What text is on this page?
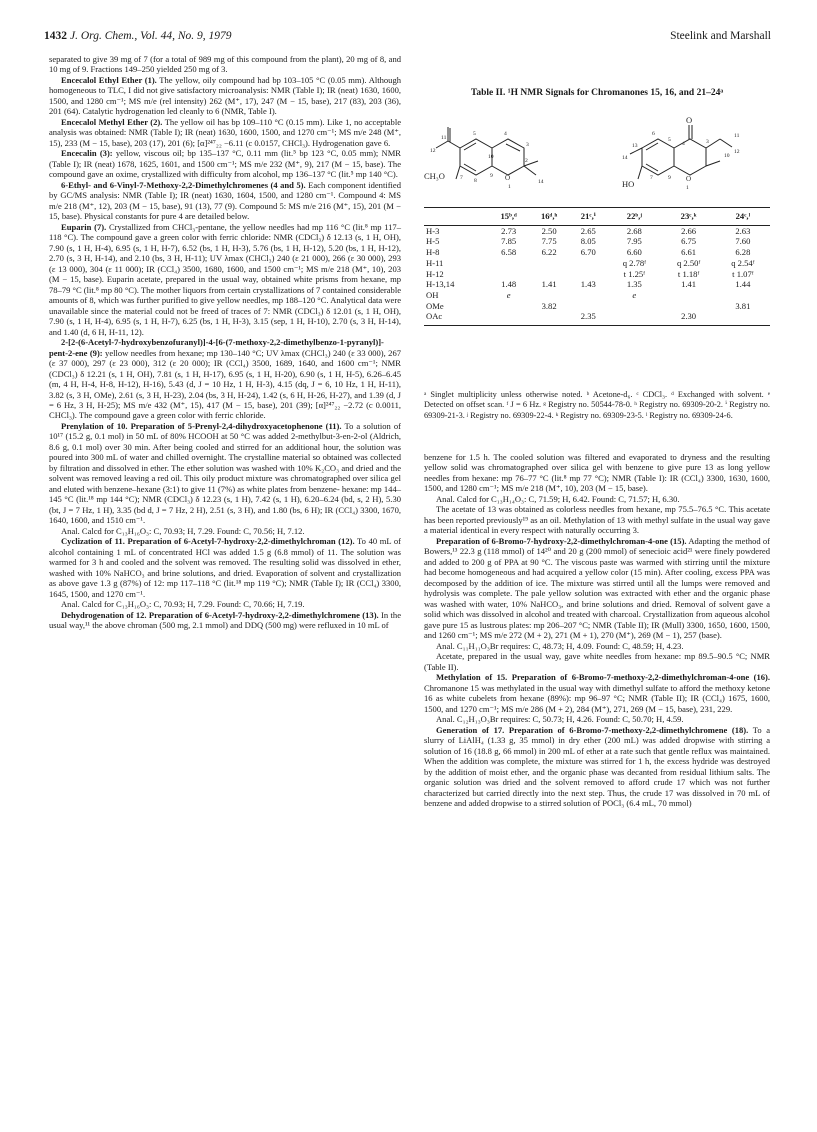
1432 J. Org. Chem., Vol. 44, No. 9, 1979	Steelink and Marshall

separated to give 39 mg of 7 (for a total of 989 mg of this compound from the plant), 20 mg of 8, and 10 mg of 9. Fractions 149–250 yielded 250 mg of 3.

Encecalol Ethyl Ether (1). The yellow, oily compound had bp 103–105 °C (0.05 mm). Although homogeneous to TLC, I did not give satisfactory microanalysis: NMR (Table I); IR (neat) 1630, 1600, 1500, and 1280 cm⁻¹; MS m/e (rel intensity) 262 (M⁺, 17), 247 (M − 15, base), 217 (83), 203 (36), 201 (64). Catalytic hydrogenation led cleanly to 6 (NMR, Table I).

Encecalol Methyl Ether (2). The yellow oil has bp 109–110 °C (0.15 mm). Like 1, no acceptable analysis was obtained: NMR (Table I); IR (neat) 1630, 1600, 1500, and 1270 cm⁻¹; MS m/e 248 (M⁺, 15), 233 (M − 15, base), 203 (17), 201 (6); [α]²⁴⁷₂₂ −6.11 (c 0.0157, CHCl₃). Hydrogenation gave 6.

Encecalin (3): yellow, viscous oil; bp 135–137 °C, 0.11 mm (lit.⁵ bp 123 °C, 0.05 mm); NMR (Table I); IR (neat) 1678, 1625, 1601, and 1500 cm⁻¹; MS m/e 232 (M⁺, 9), 217 (M − 15, base). The compound gave an oxime, crystallized with difficulty from alcohol, mp 136–137 °C (lit.⁵ mp 140 °C).

6-Ethyl- and 6-Vinyl-7-Methoxy-2,2-Dimethylchromenes (4 and 5). Each component identified by GC/MS analysis: NMR (Table I); IR (neat) 1630, 1604, 1500, and 1280 cm⁻¹. Compound 4: MS m/e 218 (M⁺, 12), 203 (M − 15, base), 91 (13), 77 (9). Compound 5: MS m/e 216 (M⁺, 15), 201 (M − 15, base). Physical constants for pure 4 are detailed below.

Euparin (7). Crystallized from CHCl₃-pentane, the yellow needles had mp 116 °C (lit.⁸ mp 117–118 °C). The compound gave a green color with ferric chloride: NMR (CDCl₃) δ 12.13 (s, 1 H, OH), 7.90 (s, 1 H, H-4), 6.95 (s, 1 H, H-7), 6.52 (bs, 1 H, H-3), 5.76 (bs, 1 H, H-12), 5.20 (bs, 1 H, H-12), 2.70 (s, 3 H, H-14), and 2.10 (bs, 3 H, H-11); UV λmax (CHCl₃) 240 (ε 21 000), 266 (ε 30 000), 293 (ε 13 000), 304 (ε 11 000); IR (CCl₄) 3500, 1680, 1600, and 1500 cm⁻¹; MS m/e 218 (M⁺, 10), 203 (M − 15, base). Euparin acetate, prepared in the usual way, obtained white prisms from hexane, mp 78–79 °C (lit.⁸ mp 80 °C). The mother liquors from certain crystallizations of 7 contained considerable amounts of 8, which was further purified to give yellow needles, mp 188–120 °C. Analytical data were unavailable since the material could not be freed of traces of 7: NMR (CDCl₃) δ 12.01 (s, 1 H, OH), 7.90 (s, 1 H, H-4), 6.95 (s, 1 H, H-7), 6.25 (bs, 1 H, H-3), 3.15 (sep, 1 H, H-10), 2.70 (s, 3 H, H-14), and 1.40 (d, 6 H, H-11, 12).

2-[2-(6-Acetyl-7-hydroxybenzofuranyl)]-4-[6-(7-methoxy-2,2-dimethylbenzo-1-pyranyl)]-pent-2-ene (9): yellow needles from hexane; mp 130–140 °C; UV λmax (CHCl₃) 240 (ε 33 000), 267 (ε 37 000), 297 (ε 23 000), 312 (ε 20 000); IR (CCl₄) 3500, 1689, 1640, and 1600 cm⁻¹; NMR (CDCl₃) δ 12.21 (s, 1 H, OH), 7.81 (s, 1 H, H-17), 6.95 (s, 1 H, H-20), 6.90 (s, 1 H, H-5), 6.26–6.45 (m, 4 H, H-4, H-8, H-12), H-16), 5.43 (d, J = 10 Hz, 1 H, H-3), 4.15 (dq, J = 6, 10 Hz, 1 H, H-11), 3.82 (s, 3 H, OMe), 2.61 (s, 3 H, H-23), 2.04 (bs, 3 H, H-24), 1.42 (s, 6 H, H-26, H-27), and 1.39 (d, J = 6 Hz, 3 H, H-25); MS m/e 432 (M⁺, 15), 417 (M − 15, base), 201 (39); [α]²⁴⁷₂₂ −2.72 (c 0.0011, CHCl₃). The compound gave a green color with ferric chloride.

Prenylation of 10. Preparation of 5-Prenyl-2,4-dihydroxyacetophenone (11). To a solution of 10¹⁷ (15.2 g, 0.1 mol) in 50 mL of 80% HCOOH at 50 °C was added 2-methylbut-3-en-2-ol (Aldrich, 8.6 g, 0.1 mol) over 30 min. After being cooled and stirred for an additional hour, the solution was poured into 300 mL of water and chilled overnight. The crystalline material so obtained was collected by filtration and dissolved in ether. The ether solution was washed with 10% K₂CO₃ and dried and the solvent was removed leaving a red oil. This oily product mixture was chromatographed over silica gel and eluted with benzene–hexane (3:1) to give 11 (7%) as white plates from benzene- hexane: mp 144–145 °C (lit.¹⁸ mp 144 °C); NMR (CDCl₃) δ 12.23 (s, 1 H), 7.42 (s, 1 H), 6.20–6.24 (bd, s, 2 H), 5.30 (bt, J = 7 Hz, 1 H), 3.35 (bd d, J = 7 Hz, 2 H), 2.51 (s, 3 H), and 1.80 (bs, 6 H); IR (CCl₄) 3300, 1670, 1640, 1600, and 1510 cm⁻¹.

Anal. Calcd for C₁₃H₁₆O₃: C, 70.93; H, 7.29. Found: C, 70.56; H, 7.12.

Cyclization of 11. Preparation of 6-Acetyl-7-hydroxy-2,2-dimethylchroman (12). To 40 mL of alcohol containing 1 mL of concentrated HCl was added 1.5 g (6.8 mmol) of 11. The solution was warmed for 3 h and cooled and the solvent was removed. The resulting solid was dissolved in ether, washed with 10% NaHCO₃ and brine solutions, and dried. Evaporation of solvent and crystallization as above gave 1.3 g (87%) of 12: mp 117–118 °C (lit.¹⁸ mp 119 °C); NMR (Table I); IR (CCl₄) 3300, 1645, 1500, and 1270 cm⁻¹.

Anal. Calcd for C₁₃H₁₆O₃: C, 70.93; H, 7.29. Found: C, 70.66; H, 7.19.

Dehydrogenation of 12. Preparation of 6-Acetyl-7-hydroxy-2,2-dimethylchromene (13). In the usual way,¹¹ the above chroman (500 mg, 2.1 mmol) and DDQ (500 mg) were refluxed in 10 mL of

Table II. ¹H NMR Signals for Chromanones 15, 16, and 21–24ᵃ
11
12
5
10
4
3
2
8
9 O
7
1
14
CH₃O
14
13
6
5
4	3
11
10
12
9 O
7
1
O
HO
	15ᵇ,ᵈ	16ᵈ,ʰ	21ᶜ,ⁱ	22ᵇ,ʲ	23ᶜ,ᵏ	24ᶜ,ˡ
H-3	2.73	2.50	2.65	2.68	2.66	2.63
H-5	7.85	7.75	8.05	7.95	6.75	7.60
H-8	6.58	6.22	6.70	6.60	6.61	6.28
H-11				q 2.78ᶠ	q 2.50ᶠ	q 2.54ᶠ
H-12				t 1.25ᶠ	t 1.18ᶠ	t 1.07ᶠ
H-13,14	1.48	1.41	1.43	1.35	1.41	1.44
OH	e			e		
OMe		3.82				3.81
OAc			2.35		2.30	
ᵃ Singlet multiplicity unless otherwise noted. ᵇ Acetone-d₆. ᶜ CDCl₃. ᵈ Exchanged with solvent. ᵉ Detected on offset scan. ᶠ J = 6 Hz. ᵍ Registry no. 50544-78-0. ʰ Registry no. 69309-20-2. ⁱ Registry no. 69309-21-3. ʲ Registry no. 69309-22-4. ᵏ Registry no. 69309-23-5. ˡ Registry no. 69309-24-6.

benzene for 1.5 h. The cooled solution was filtered and evaporated to dryness and the resulting yellow solid was chromatographed over silica gel with benzene to give pure 13 as long yellow needles from hexane: mp 76–77 °C (lit.⁸ mp 77 °C); NMR (Table I): IR (CCl₄) 3300, 1630, 1600, 1500, and 1280 cm⁻¹; MS m/e 218 (M⁺, 10), 203 (M − 15, base).

Anal. Calcd for C₁₃H₁₄O₃: C, 71.59; H, 6.42. Found: C, 71.57; H, 6.30.

The acetate of 13 was obtained as colorless needles from hexane, mp 75.5–76.5 °C. This acetate has been reported previously¹⁹ as an oil. Methylation of 13 with methyl sulfate in the usual way gave a material identical in every respect with naturally occurring 3.

Preparation of 6-Bromo-7-hydroxy-2,2-dimethylchroman-4-one (15). Adapting the method of Bowers,¹³ 22.3 g (118 mmol) of 14²⁰ and 20 g (200 mmol) of senecioic acid²¹ were finely powdered and added to 200 g of PPA at 90 °C. The viscous paste was warmed with stirring until the mixture had become homogeneous and had acquired a yellow color (15 min). After cooling, excess PPA was decomposed by the addition of ice. The mixture was stirred until all the lumps were removed and hydrolysis was complete. The pale yellow solution was extracted with ether and the organic phase was washed with water, 10% NaHCO₃, and brine solutions and dried. Removal of solvent gave a solid which was dissolved in alcohol and treated with charcoal. Crystallization from aqueous alcohol gave pure 15 as lustrous plates: mp 206–207 °C; NMR (Table II); IR (Mull) 3300, 1650, 1600, 1500, and 1260 cm⁻¹; MS m/e 272 (M + 2), 271 (M + 1), 270 (M⁺), 269 (M − 1), 257 (base).

Anal. C₁₁H₁₁O₃Br requires: C, 48.73; H, 4.09. Found: C, 48.59; H, 4.23.

Acetate, prepared in the usual way, gave white needles from hexane: mp 89.5–90.5 °C; NMR (Table II).

Methylation of 15. Preparation of 6-Bromo-7-methoxy-2,2-dimethylchroman-4-one (16). Chromanone 15 was methylated in the usual way with dimethyl sulfate to afford the methoxy ketone 16 as white cubelets from hexane (89%): mp 96–97 °C; NMR (Table II); IR (CCl₄) 1675, 1600, 1500, and 1270 cm⁻¹; MS m/e 286 (M + 2), 284 (M⁺), 271, 269 (M − 15, base), 231, 229.

Anal. C₁₂H₁₃O₃Br requires: C, 50.73; H, 4.26. Found: C, 50.70; H, 4.59.

Generation of 17. Preparation of 6-Bromo-7-methoxy-2,2-dimethylchromene (18). To a slurry of LiAlH₄ (1.33 g, 35 mmol) in dry ether (200 mL) was added dropwise with stirring a solution of 16 (18.8 g, 66 mmol) in 200 mL of ether at a rate such that gentle reflux was maintained. When the addition was complete, the mixture was stirred for 1 h, the excess hydride was destroyed by the addition of moist ether, and the organic phase was decanted from residual lithium salts. The organic solution was dried and the solvent removed to afford crude 17 which was not further characterized but carried directly into the next step. Thus, the crude 17 was dissolved in 70 mL of benzene and added dropwise to a stirred solution of POCl₃ (6.4 mL, 70 mmol)
